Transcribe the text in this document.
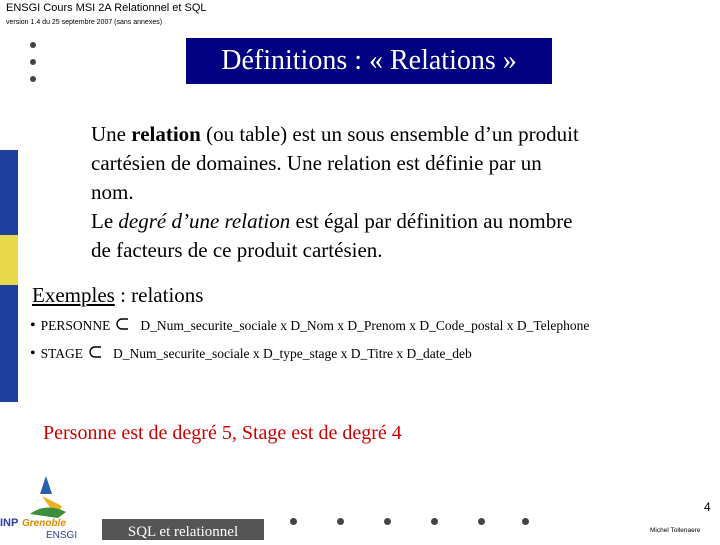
ENSGI Cours MSI 2A Relationnel et SQL
version 1.4 du 25 septembre 2007 (sans annexes)
Définitions : « Relations »

Une relation (ou table) est un sous ensemble d’un produit

cartésien de domaines. Une relation est définie par un

nom.

Le degré d’une relation est égal par définition au nombre

de facteurs de ce produit cartésien.

Exemples : relations
• PERSONNE D_Num_securite_sociale x D_Nom x D_Prenom x D_Code_postal x D_Telephone
• STAGE D_Num_securite_sociale x D_type_stage x D_Titre x D_date_deb
Personne est de degré 5, Stage est de degré 4
INP Grenoble
ENSGI	SQL et relationnel
4
Michel Tollenaere
